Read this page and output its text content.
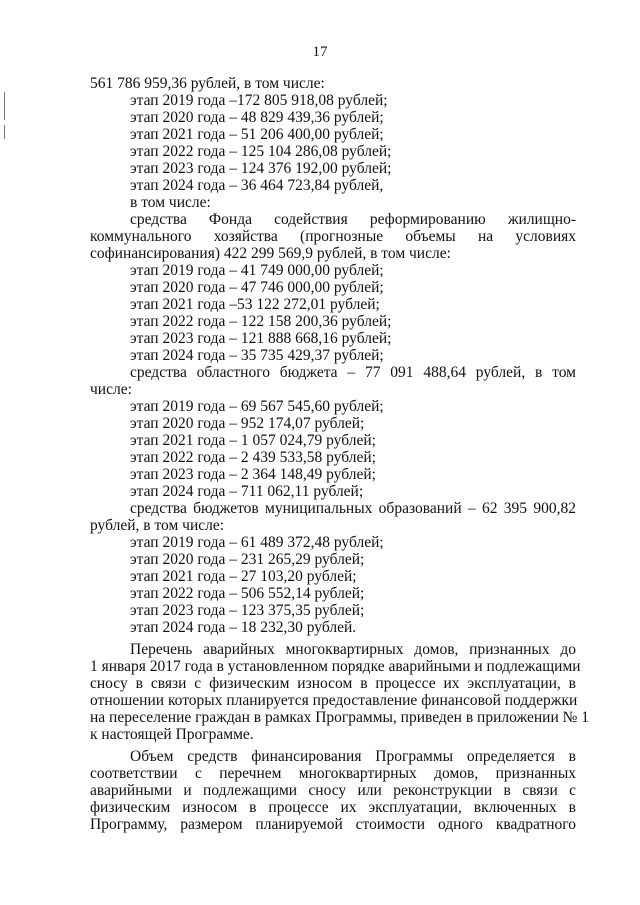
17
561 786 959,36 рублей, в том числе:
этап 2019 года –172 805 918,08 рублей;
этап 2020 года – 48 829 439,36 рублей;
этап 2021 года – 51 206 400,00 рублей;
этап 2022 года – 125 104 286,08 рублей;
этап 2023 года – 124 376 192,00 рублей;
этап 2024 года – 36 464 723,84 рублей,
в том числе:
средства Фонда содействия реформированию жилищно-
коммунального хозяйства (прогнозные объемы на условиях
софинансирования) 422 299 569,9 рублей, в том числе:
этап 2019 года – 41 749 000,00 рублей;
этап 2020 года – 47 746 000,00 рублей;
этап 2021 года –53 122 272,01 рублей;
этап 2022 года – 122 158 200,36 рублей;
этап 2023 года – 121 888 668,16 рублей;
этап 2024 года – 35 735 429,37 рублей;
средства областного бюджета – 77 091 488,64 рублей, в том
числе:
этап 2019 года – 69 567 545,60 рублей;
этап 2020 года – 952 174,07 рублей;
этап 2021 года – 1 057 024,79 рублей;
этап 2022 года – 2 439 533,58 рублей;
этап 2023 года – 2 364 148,49 рублей;
этап 2024 года – 711 062,11 рублей;
средства бюджетов муниципальных образований – 62 395 900,82
рублей, в том числе:
этап 2019 года – 61 489 372,48 рублей;
этап 2020 года – 231 265,29 рублей;
этап 2021 года – 27 103,20 рублей;
этап 2022 года – 506 552,14 рублей;
этап 2023 года – 123 375,35 рублей;
этап 2024 года – 18 232,30 рублей.
Перечень аварийных многоквартирных домов, признанных до
1 января 2017 года в установленном порядке аварийными и подлежащими
сносу в связи с физическим износом в процессе их эксплуатации, в
отношении которых планируется предоставление финансовой поддержки
на переселение граждан в рамках Программы, приведен в приложении № 1
к настоящей Программе.
Объем средств финансирования Программы определяется в
соответствии с перечнем многоквартирных домов, признанных
аварийными и подлежащими сносу или реконструкции в связи с
физическим износом в процессе их эксплуатации, включенных в
Программу, размером планируемой стоимости одного квадратного
